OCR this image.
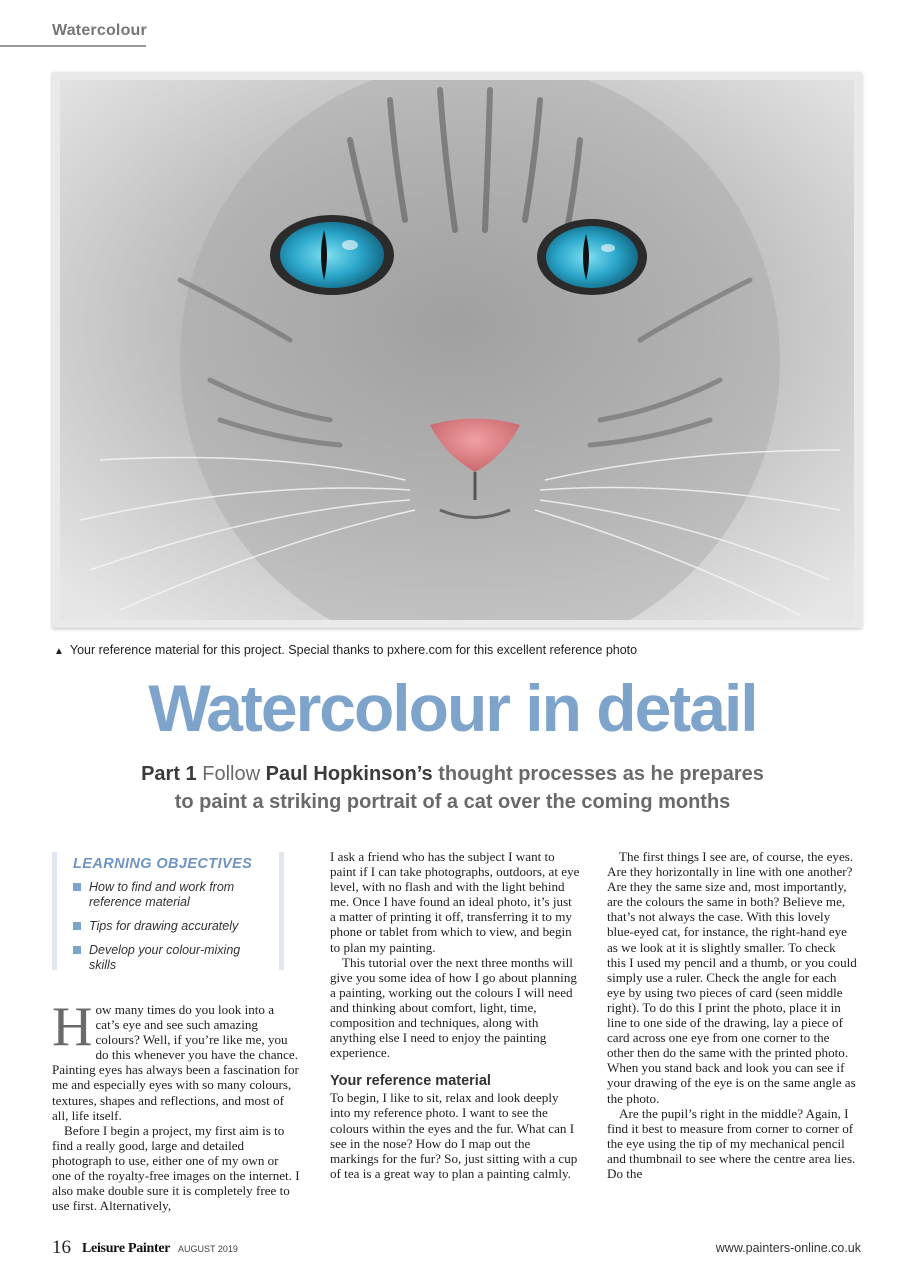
Watercolour
▲ Your reference material for this project. Special thanks to pxhere.com for this excellent reference photo
Watercolour in detail
Part 1 Follow Paul Hopkinson’s thought processes as he prepares
to paint a striking portrait of a cat over the coming months
LEARNING OBJECTIVES
How to find and work from reference material
Tips for drawing accurately
Develop your colour-mixing skills

How many times do you look into a cat’s eye and see such amazing colours? Well, if you’re like me, you do this whenever you have the chance. Painting eyes has always been a fascination for me and especially eyes with so many colours, textures, shapes and reflections, and most of all, life itself.

Before I begin a project, my first aim is to find a really good, large and detailed photograph to use, either one of my own or one of the royalty-free images on the internet. I also make double sure it is completely free to use first. Alternatively,

I ask a friend who has the subject I want to paint if I can take photographs, outdoors, at eye level, with no flash and with the light behind me. Once I have found an ideal photo, it’s just a matter of printing it off, transferring it to my phone or tablet from which to view, and begin to plan my painting.

This tutorial over the next three months will give you some idea of how I go about planning a painting, working out the colours I will need and thinking about comfort, light, time, composition and techniques, along with anything else I need to enjoy the painting experience.

Your reference material

To begin, I like to sit, relax and look deeply into my reference photo. I want to see the colours within the eyes and the fur. What can I see in the nose? How do I map out the markings for the fur? So, just sitting with a cup of tea is a great way to plan a painting calmly.

The first things I see are, of course, the eyes. Are they horizontally in line with one another? Are they the same size and, most importantly, are the colours the same in both? Believe me, that’s not always the case. With this lovely blue-eyed cat, for instance, the right-hand eye as we look at it is slightly smaller. To check this I used my pencil and a thumb, or you could simply use a ruler. Check the angle for each eye by using two pieces of card (seen middle right). To do this I print the photo, place it in line to one side of the drawing, lay a piece of card across one eye from one corner to the other then do the same with the printed photo. When you stand back and look you can see if your drawing of the eye is on the same angle as the photo.

Are the pupil’s right in the middle? Again, I find it best to measure from corner to corner of the eye using the tip of my mechanical pencil and thumbnail to see where the centre area lies. Do the

16 Leisure Painter AUGUST 2019	www.painters-online.co.uk
